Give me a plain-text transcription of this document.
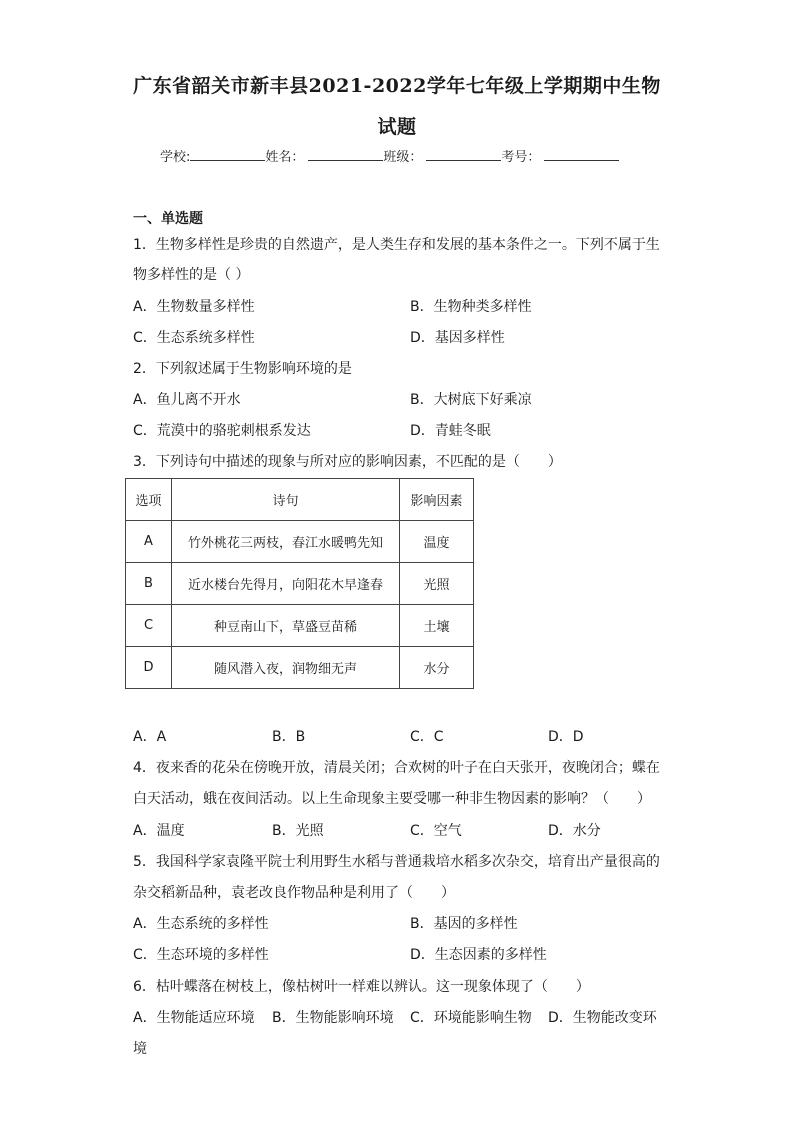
广东省韶关市新丰县2021-2022学年七年级上学期期中生物
试题
学校:	姓名：	班级：	考号：
一、单选题
1．生物多样性是珍贵的自然遗产，是人类生存和发展的基本条件之一。下列不属于生
物多样性的是（ ）
A．生物数量多样性	B．生物种类多样性
C．生态系统多样性	D．基因多样性
2．下列叙述属于生物影响环境的是
A．鱼儿离不开水	B．大树底下好乘凉
C．荒漠中的骆驼刺根系发达	D．青蛙冬眠
3．下列诗句中描述的现象与所对应的影响因素，不匹配的是（　　）
选项	诗句	影响因素
A	竹外桃花三两枝，春江水暖鸭先知	温度
B	近水楼台先得月，向阳花木早逢春	光照
C	种豆南山下，草盛豆苗稀	土壤
D	随风潜入夜，润物细无声	水分
A．A	B．B	C．C	D．D
4．夜来香的花朵在傍晚开放，清晨关闭；合欢树的叶子在白天张开，夜晚闭合；蝶在
白天活动，蛾在夜间活动。以上生命现象主要受哪一种非生物因素的影响？（　　）
A．温度	B．光照	C．空气	D．水分
5．我国科学家袁隆平院士利用野生水稻与普通栽培水稻多次杂交，培育出产量很高的
杂交稻新品种，袁老改良作物品种是利用了（　　）
A．生态系统的多样性	B．基因的多样性
C．生态环境的多样性	D．生态因素的多样性
6．枯叶蝶落在树枝上，像枯树叶一样难以辨认。这一现象体现了（　　）
A．生物能适应环境 B．生物能影响环境 C．环境能影响生物 D．生物能改变环
境
